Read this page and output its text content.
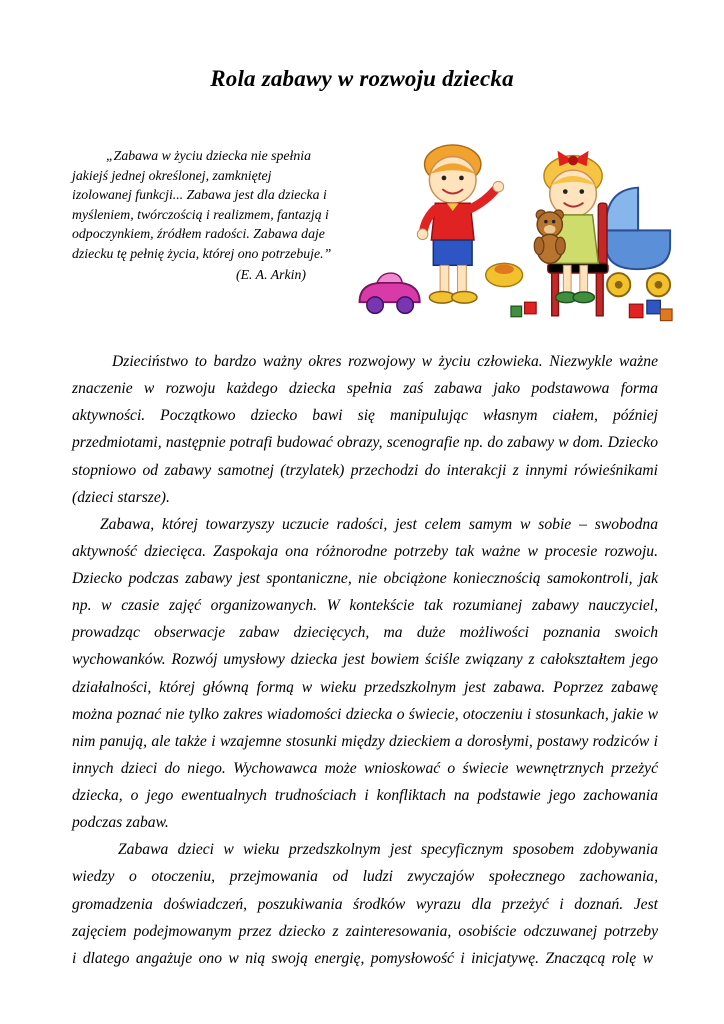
Rola zabawy w rozwoju dziecka

„Zabawa w życiu dziecka nie spełnia jakiejś jednej określonej, zamkniętej izolowanej funkcji... Zabawa jest dla dziecka i myśleniem, twórczością i realizmem, fantazją i odpoczynkiem, źródłem radości. Zabawa daje dziecku tę pełnię życia, której ono potrzebuje.”

(E. A. Arkin)

Dzieciństwo to bardzo ważny okres rozwojowy w życiu człowieka. Niezwykle ważne znaczenie w rozwoju każdego dziecka spełnia zaś zabawa jako podstawowa forma aktywności. Początkowo dziecko bawi się manipulując własnym ciałem, później przedmiotami, następnie potrafi budować obrazy, scenografie np. do zabawy w dom. Dziecko stopniowo od zabawy samotnej (trzylatek) przechodzi do interakcji z innymi rówieśnikami (dzieci starsze).

Zabawa, której towarzyszy uczucie radości, jest celem samym w sobie – swobodna aktywność dziecięca. Zaspokaja ona różnorodne potrzeby tak ważne w procesie rozwoju. Dziecko podczas zabawy jest spontaniczne, nie obciążone koniecznością samokontroli, jak np. w czasie zajęć organizowanych. W kontekście tak rozumianej zabawy nauczyciel, prowadząc obserwacje zabaw dziecięcych, ma duże możliwości poznania swoich wychowanków. Rozwój umysłowy dziecka jest bowiem ściśle związany z całokształtem jego działalności, której główną formą w wieku przedszkolnym jest zabawa. Poprzez zabawę można poznać nie tylko zakres wiadomości dziecka o świecie, otoczeniu i stosunkach, jakie w nim panują, ale także i wzajemne stosunki między dzieckiem a dorosłymi, postawy rodziców i innych dzieci do niego. Wychowawca może wnioskować o świecie wewnętrznych przeżyć dziecka, o jego ewentualnych trudnościach i konfliktach na podstawie jego zachowania podczas zabaw.

Zabawa dzieci w wieku przedszkolnym jest specyficznym sposobem zdobywania wiedzy o otoczeniu, przejmowania od ludzi zwyczajów społecznego zachowania, gromadzenia doświadczeń, poszukiwania środków wyrazu dla przeżyć i doznań. Jest zajęciem podejmowanym przez dziecko z zainteresowania, osobiście odczuwanej potrzeby i dlatego angażuje ono w nią swoją energię, pomysłowość i inicjatywę. Znaczącą rolę w
